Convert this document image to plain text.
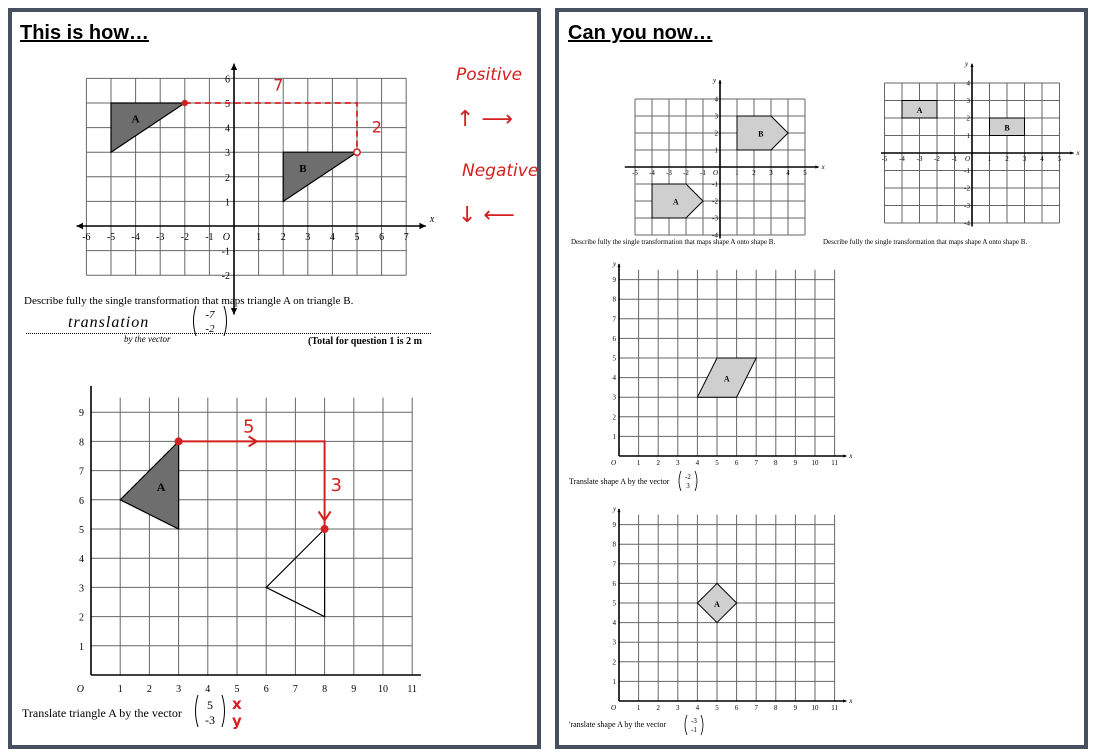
This is how…
-6 -5 -4 -3 -2 -1	1 2 3 4 5 6 7
6
5
4
3
2
1
-1
-2
O
x
A
B
7
2
Describe fully the single transformation that maps triangle A on triangle B.
translation
by the vector
-7
-2
(Total for question 1 is 2 m
Positive
↑ ⟶
Negative
↓ ⟵
1 2 3 4 5 6 7 8 9 10 11
1
2
3
4
5
6
7
8
9
O
A
5
3
Translate triangle A by the vector
5
-3
x
y
Can you now…
-5 -4 -3 -2 -1	1 2 3 4 5
4
3
2
1
-1
-2
-3
-4
O
x
y
B
A
Describe fully the single transformation that maps shape A onto shape B.
-5 -4 -3 -2 -1	1 2 3 4 5
4
3
2
1
-1
-2
-3
-4
O
x
y
A
B
Describe fully the single transformation that maps shape A onto shape B.
1 2 3 4 5 6 7 8 9 10 11
1
2
3
4
5
6
7
8
9
O
x
y
A
Translate shape A by the vector -2
3
1 2 3 4 5 6 7 8 9 10 11
1
2
3
4
5
6
7
8
9
O
x
y
A
'ranslate shape A by the vector	-3
-1
